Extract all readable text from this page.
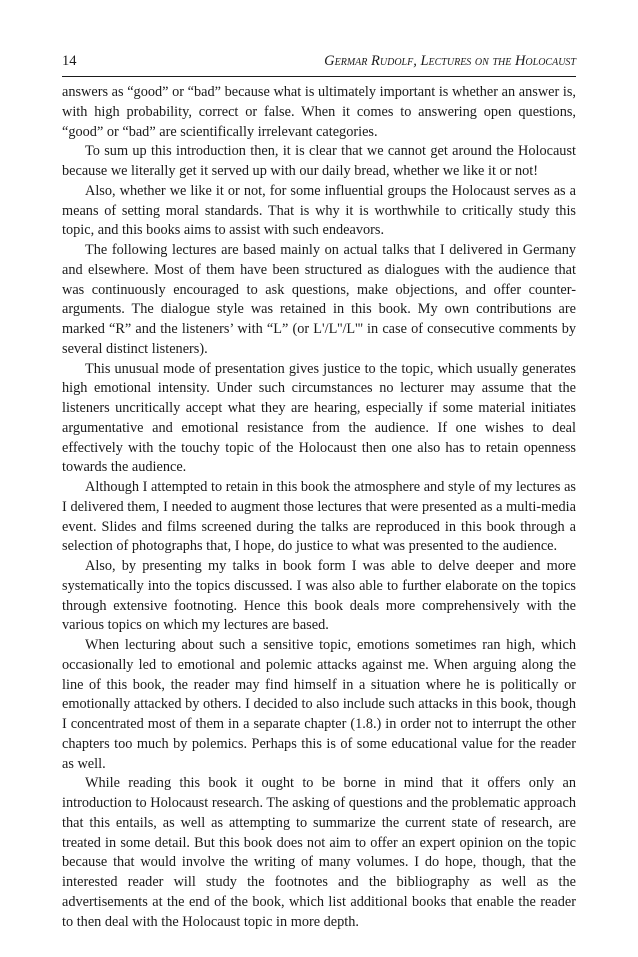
14	Germar Rudolf, Lectures on the Holocaust

answers as “good” or “bad” because what is ultimately important is whether an answer is, with high probability, correct or false. When it comes to answering open questions, “good” or “bad” are scientifically irrelevant categories.

To sum up this introduction then, it is clear that we cannot get around the Holocaust because we literally get it served up with our daily bread, whether we like it or not!

Also, whether we like it or not, for some influential groups the Holocaust serves as a means of setting moral standards. That is why it is worthwhile to critically study this topic, and this books aims to assist with such endeavors.

The following lectures are based mainly on actual talks that I delivered in Germany and elsewhere. Most of them have been structured as dialogues with the audience that was continuously encouraged to ask questions, make objections, and offer counter-arguments. The dialogue style was retained in this book. My own contributions are marked “R” and the listeners’ with “L” (or L'/L''/L''' in case of consecutive comments by several distinct listeners).

This unusual mode of presentation gives justice to the topic, which usually generates high emotional intensity. Under such circumstances no lecturer may assume that the listeners uncritically accept what they are hearing, especially if some material initiates argumentative and emotional resistance from the audience. If one wishes to deal effectively with the touchy topic of the Holocaust then one also has to retain openness towards the audience.

Although I attempted to retain in this book the atmosphere and style of my lectures as I delivered them, I needed to augment those lectures that were presented as a multi-media event. Slides and films screened during the talks are reproduced in this book through a selection of photographs that, I hope, do justice to what was presented to the audience.

Also, by presenting my talks in book form I was able to delve deeper and more systematically into the topics discussed. I was also able to further elaborate on the topics through extensive footnoting. Hence this book deals more comprehensively with the various topics on which my lectures are based.

When lecturing about such a sensitive topic, emotions sometimes ran high, which occasionally led to emotional and polemic attacks against me. When arguing along the line of this book, the reader may find himself in a situation where he is politically or emotionally attacked by others. I decided to also include such attacks in this book, though I concentrated most of them in a separate chapter (1.8.) in order not to interrupt the other chapters too much by polemics. Perhaps this is of some educational value for the reader as well.

While reading this book it ought to be borne in mind that it offers only an introduction to Holocaust research. The asking of questions and the problematic approach that this entails, as well as attempting to summarize the current state of research, are treated in some detail. But this book does not aim to offer an expert opinion on the topic because that would involve the writing of many volumes. I do hope, though, that the interested reader will study the footnotes and the bibliography as well as the advertisements at the end of the book, which list additional books that enable the reader to then deal with the Holocaust topic in more depth.
